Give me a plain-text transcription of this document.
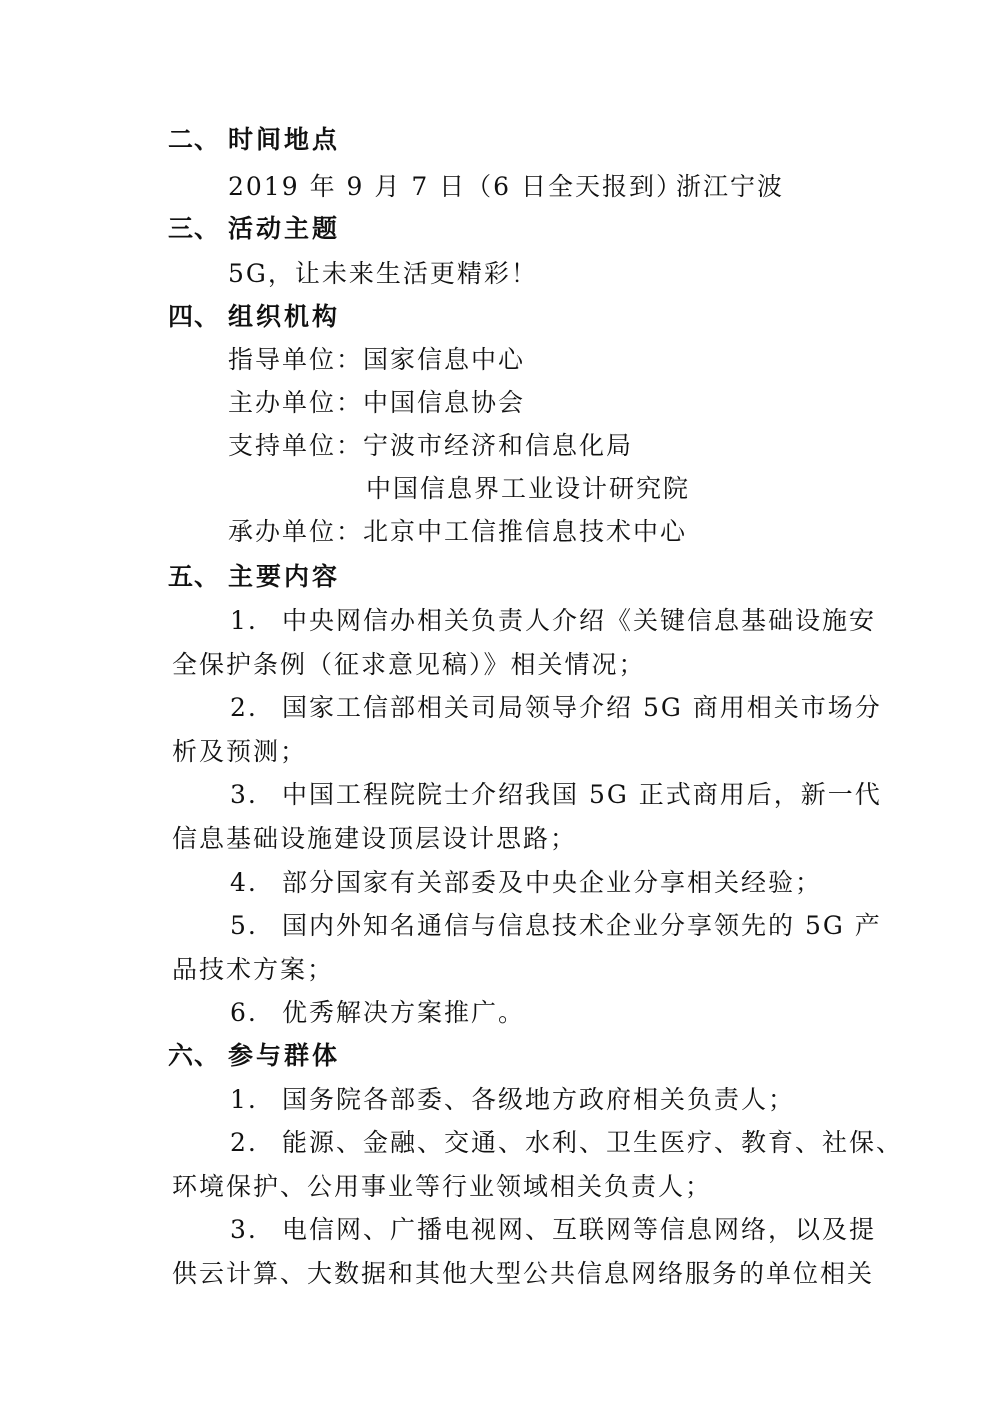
二、 时间地点
2019 年 9 月 7 日（6 日全天报到）
浙江宁波
三、 活动主题
5G，让未来生活更精彩！
四、 组织机构
指导单位：国家信息中心
主办单位：中国信息协会
支持单位：宁波市经济和信息化局
中国信息界工业设计研究院
承办单位：北京中工信推信息技术中心
五、 主要内容
1. 中央网信办相关负责人介绍《关键信息基础设施安
全保护条例（征求意见稿）》相关情况；
2. 国家工信部相关司局领导介绍 5G 商用相关市场分
析及预测；
3. 中国工程院院士介绍我国 5G 正式商用后，新一代
信息基础设施建设顶层设计思路；
4. 部分国家有关部委及中央企业分享相关经验；
5. 国内外知名通信与信息技术企业分享领先的 5G 产
品技术方案；
6. 优秀解决方案推广。
六、 参与群体
1. 国务院各部委、各级地方政府相关负责人；
2. 能源、金融、交通、水利、卫生医疗、教育、社保、
环境保护、公用事业等行业领域相关负责人；
3. 电信网、广播电视网、互联网等信息网络，以及提
供云计算、大数据和其他大型公共信息网络服务的单位相关
